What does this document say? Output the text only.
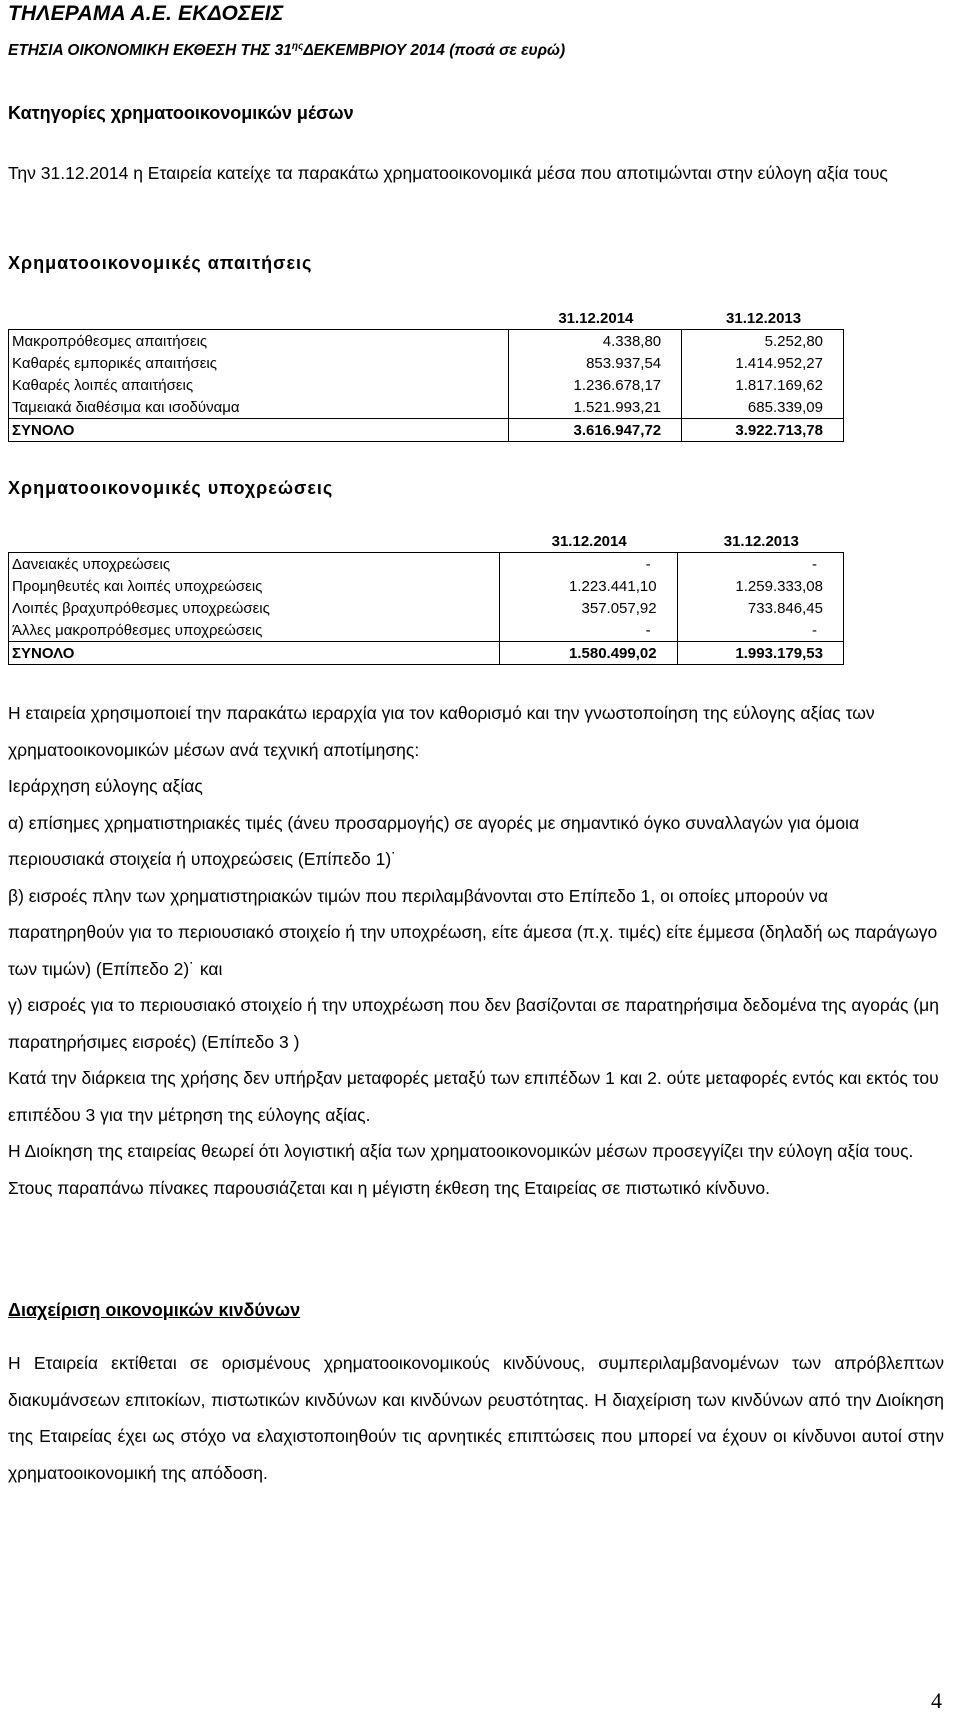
ΤΗΛΕΡΑΜΑ Α.Ε. ΕΚΔΟΣΕΙΣ
ΕΤΗΣΙΑ ΟΙΚΟΝΟΜΙΚΗ ΕΚΘΕΣΗ ΤΗΣ $31^{\eta\varsigma}\Delta EKEMBPIO\Upsilon$ 2014 (ποσά σε ευρώ)
Κατηγορίες χρηματοοικονομικών μέσων
Την 31.12.2014 η Εταιρεία κατείχε τα παρακάτω χρηματοοικονομικά μέσα που αποτιμώνται στην εύλογη αξία τους
Χρηματοοικονομικές απαιτήσεις
	31.12.2014	31.12.2013
Μακροπρόθεσμες απαιτήσεις	4.338,80	5.252,80
Καθαρές εμπορικές απαιτήσεις	853.937,54	1.414.952,27
Καθαρές λοιπές απαιτήσεις	1.236.678,17	1.817.169,62
Ταμειακά διαθέσιμα και ισοδύναμα	1.521.993,21	685.339,09
ΣΥΝΟΛΟ	3.616.947,72	3.922.713,78
Χρηματοοικονομικές υποχρεώσεις
	31.12.2014	31.12.2013
Δανειακές υποχρεώσεις	-	-
Προμηθευτές και λοιπές υποχρεώσεις	1.223.441,10	1.259.333,08
Λοιπές βραχυπρόθεσμες υποχρεώσεις	357.057,92	733.846,45
Άλλες μακροπρόθεσμες υποχρεώσεις	-	-
ΣΥΝΟΛΟ	1.580.499,02	1.993.179,53

Η εταιρεία χρησιμοποιεί την παρακάτω ιεραρχία για τον καθορισμό και την γνωστοποίηση της εύλογης αξίας των χρηματοοικονομικών μέσων ανά τεχνική αποτίμησης:

Ιεράρχηση εύλογης αξίας

α) επίσημες χρηματιστηριακές τιμές (άνευ προσαρμογής) σε αγορές με σημαντικό όγκο συναλλαγών για όμοια περιουσιακά στοιχεία ή υποχρεώσεις (Επίπεδο 1)˙

β) εισροές πλην των χρηματιστηριακών τιμών που περιλαμβάνονται στο Επίπεδο 1, οι οποίες μπορούν να παρατηρηθούν για το περιουσιακό στοιχείο ή την υποχρέωση, είτε άμεσα (π.χ. τιμές) είτε έμμεσα (δηλαδή ως παράγωγο των τιμών) (Επίπεδο 2)˙ και

γ) εισροές για το περιουσιακό στοιχείο ή την υποχρέωση που δεν βασίζονται σε παρατηρήσιμα δεδομένα της αγοράς (μη παρατηρήσιμες εισροές) (Επίπεδο 3 )

Κατά την διάρκεια της χρήσης δεν υπήρξαν μεταφορές μεταξύ των επιπέδων 1 και 2. ούτε μεταφορές εντός και εκτός του επιπέδου 3 για την μέτρηση της εύλογης αξίας.

Η Διοίκηση της εταιρείας θεωρεί ότι λογιστική αξία των χρηματοοικονομικών μέσων προσεγγίζει την εύλογη αξία τους.

Στους παραπάνω πίνακες παρουσιάζεται και η μέγιστη έκθεση της Εταιρείας σε πιστωτικό κίνδυνο.

Διαχείριση οικονομικών κινδύνων

Η Εταιρεία εκτίθεται σε ορισμένους χρηματοοικονομικούς κινδύνους, συμπεριλαμβανομένων των απρόβλεπτων διακυμάνσεων επιτοκίων, πιστωτικών κινδύνων και κινδύνων ρευστότητας. Η διαχείριση των κινδύνων από την Διοίκηση της Εταιρείας έχει ως στόχο να ελαχιστοποιηθούν τις αρνητικές επιπτώσεις που μπορεί να έχουν οι κίνδυνοι αυτοί στην χρηματοοικονομική της απόδοση.

4
